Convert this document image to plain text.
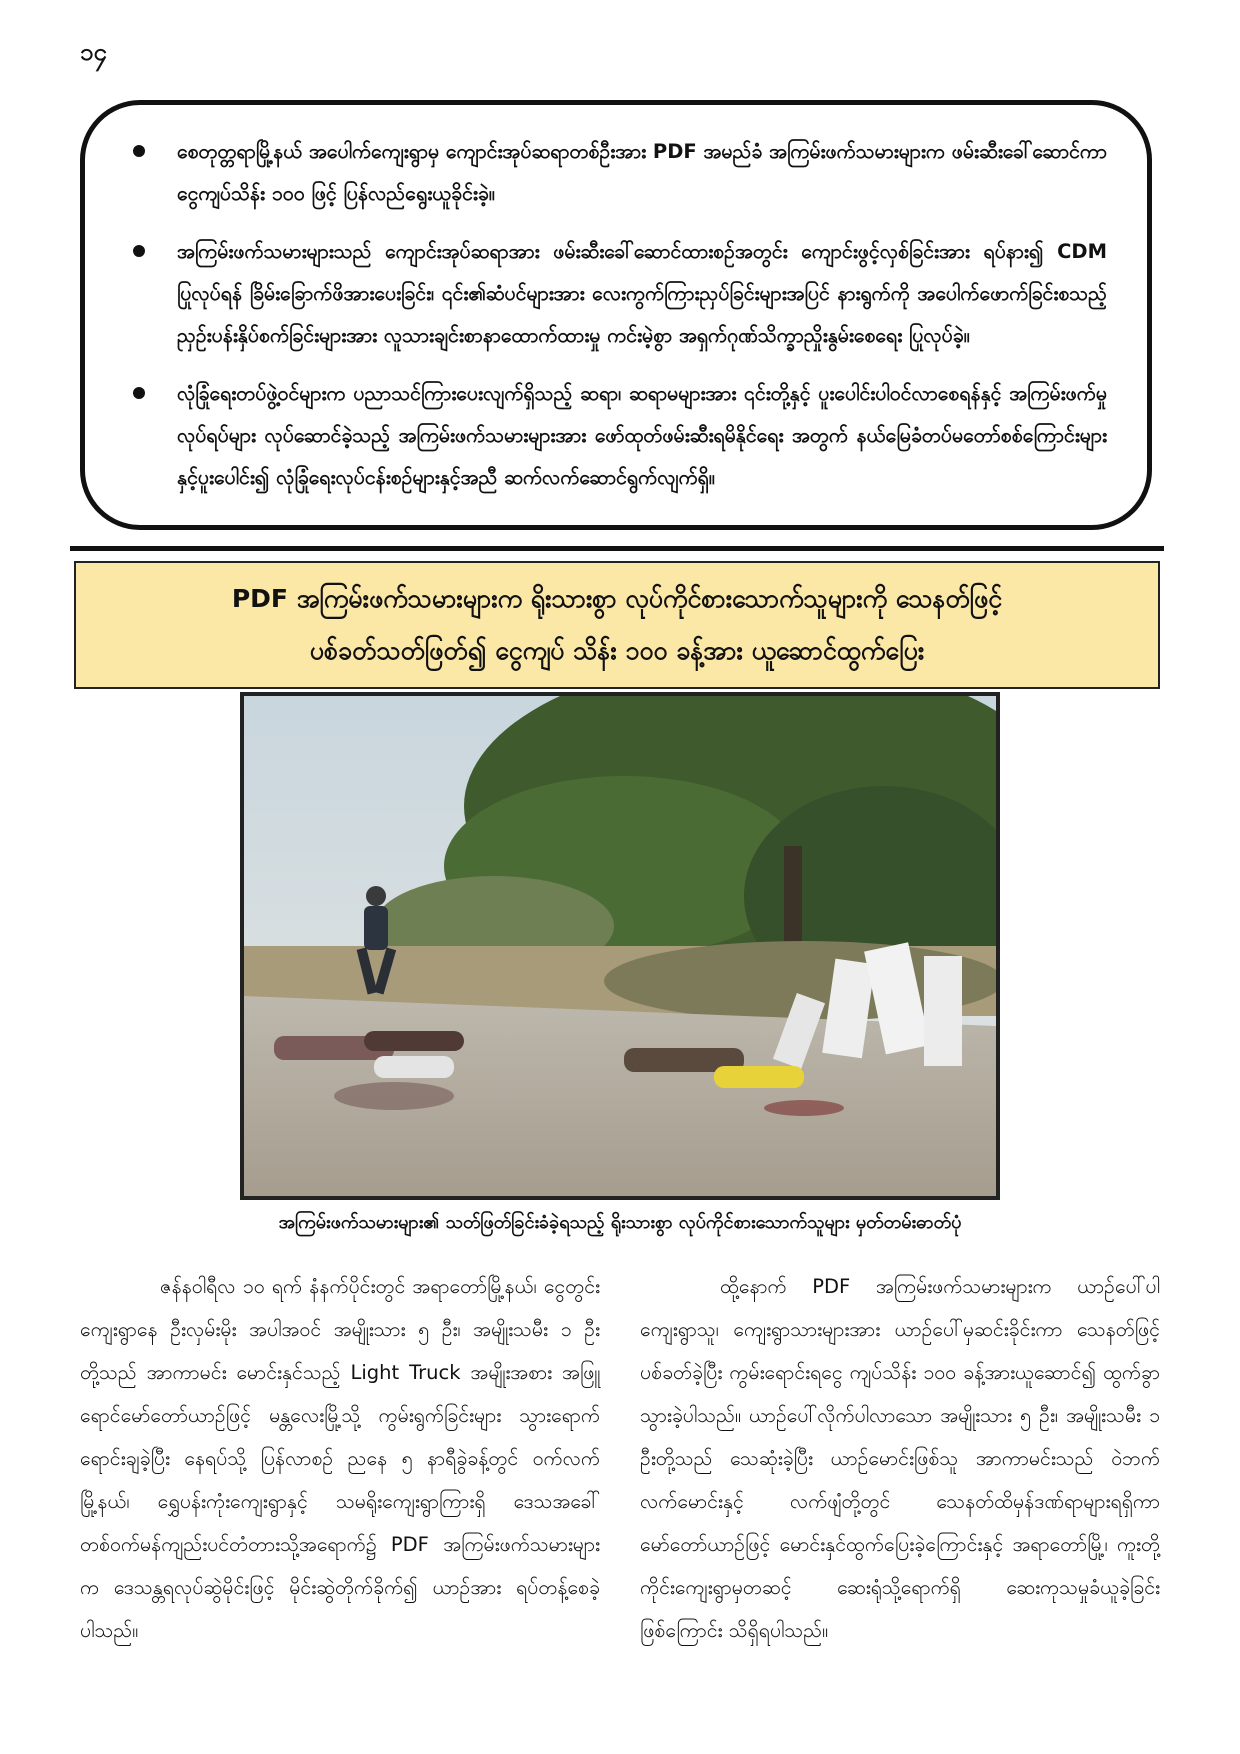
၁၄
စေတုတ္တရာမြို့နယ် အပေါက်ကျေးရွာမှ ကျောင်းအုပ်ဆရာတစ်ဦးအား PDF အမည်ခံ အကြမ်းဖက်သမားများက ဖမ်းဆီးခေါ်ဆောင်ကာ ငွေကျပ်သိန်း ၁၀၀ ဖြင့် ပြန်လည်ရွေးယူခိုင်းခဲ့။
အကြမ်းဖက်သမားများသည် ကျောင်းအုပ်ဆရာအား ဖမ်းဆီးခေါ်ဆောင်ထားစဉ်အတွင်း ကျောင်းဖွင့်လှစ်ခြင်းအား ရပ်နား၍ CDM ပြုလုပ်ရန် ခြိမ်းခြောက်ဖိအားပေးခြင်း၊ ၎င်း၏ဆံပင်များအား လေးကွက်ကြားညှပ်ခြင်းများအပြင် နားရွက်ကို အပေါက်ဖောက်ခြင်းစသည့် ညှဉ်းပန်းနှိပ်စက်ခြင်းများအား လူသားချင်းစာနာထောက်ထားမှု ကင်းမဲ့စွာ အရှက်ဂုဏ်သိက္ခာညှိုးနွမ်းစေရေး ပြုလုပ်ခဲ့။
လုံခြုံရေးတပ်ဖွဲ့ဝင်များက ပညာသင်ကြားပေးလျက်ရှိသည့် ဆရာ၊ ဆရာမများအား ၎င်းတို့နှင့် ပူးပေါင်းပါဝင်လာစေရန်နှင့် အကြမ်းဖက်မှုလုပ်ရပ်များ လုပ်ဆောင်ခဲ့သည့် အကြမ်းဖက်သမားများအား ဖော်ထုတ်ဖမ်းဆီးရမိနိုင်ရေး အတွက် နယ်မြေခံတပ်မတော်စစ်ကြောင်းများနှင့်ပူးပေါင်း၍ လုံခြုံရေးလုပ်ငန်းစဉ်များနှင့်အညီ ဆက်လက်ဆောင်ရွက်လျက်ရှိ။
PDF အကြမ်းဖက်သမားများက ရိုးသားစွာ လုပ်ကိုင်စားသောက်သူများကို သေနတ်ဖြင့်
ပစ်ခတ်သတ်ဖြတ်၍ ငွေကျပ် သိန်း ၁၀၀ ခန့်အား ယူဆောင်ထွက်ပြေး
အကြမ်းဖက်သမားများ၏ သတ်ဖြတ်ခြင်းခံခဲ့ရသည့် ရိုးသားစွာ လုပ်ကိုင်စားသောက်သူများ မှတ်တမ်းဓာတ်ပုံ

ဇန်နဝါရီလ ၁၀ ရက် နံနက်ပိုင်းတွင် အရာတော်မြို့နယ်၊ ငွေတွင်းကျေးရွာနေ ဦးလှမ်းမိုး အပါအဝင် အမျိုးသား ၅ ဦး၊ အမျိုးသမီး ၁ ဦးတို့သည် အာကာမင်း မောင်းနှင်သည့် Light Truck အမျိုးအစား အဖြူရောင်မော်တော်ယာဉ်ဖြင့် မန္တလေးမြို့သို့ ကွမ်းရွက်ခြင်းများ သွားရောက်ရောင်းချခဲ့ပြီး နေရပ်သို့ ပြန်လာစဉ် ညနေ ၅ နာရီခွဲခန့်တွင် ဝက်လက်မြို့နယ်၊ ရွှေပန်းကုံးကျေးရွာနှင့် သမရိုးကျေးရွာကြားရှိ ဒေသအခေါ် တစ်ဝက်မန်ကျည်းပင်တံတားသို့အရောက်၌ PDF အကြမ်းဖက်သမားများက ဒေသန္တရလုပ်ဆွဲမိုင်းဖြင့် မိုင်းဆွဲတိုက်ခိုက်၍ ယာဉ်အား ရပ်တန့်စေခဲ့ပါသည်။

ထို့နောက် PDF အကြမ်းဖက်သမားများက ယာဉ်ပေါ်ပါ ကျေးရွာသူ၊ ကျေးရွာသားများအား ယာဉ်ပေါ်မှဆင်းခိုင်းကာ သေနတ်ဖြင့်ပစ်ခတ်ခဲ့ပြီး ကွမ်းရောင်းရငွေ ကျပ်သိန်း ၁၀၀ ခန့်အားယူဆောင်၍ ထွက်ခွာသွားခဲ့ပါသည်။ ယာဉ်ပေါ်လိုက်ပါလာသော အမျိုးသား ၅ ဦး၊ အမျိုးသမီး ၁ ဦးတို့သည် သေဆုံးခဲ့ပြီး ယာဉ်မောင်းဖြစ်သူ အာကာမင်းသည် ဝဲဘက်လက်မောင်းနှင့် လက်ဖျံတို့တွင် သေနတ်ထိမှန်ဒဏ်ရာများရရှိကာ မော်တော်ယာဉ်ဖြင့် မောင်းနှင်ထွက်ပြေးခဲ့ကြောင်းနှင့် အရာတော်မြို့၊ ကူးတို့ကိုင်းကျေးရွာမှတဆင့် ဆေးရုံသို့ရောက်ရှိ ဆေးကုသမှုခံယူခဲ့ခြင်းဖြစ်ကြောင်း သိရှိရပါသည်။
